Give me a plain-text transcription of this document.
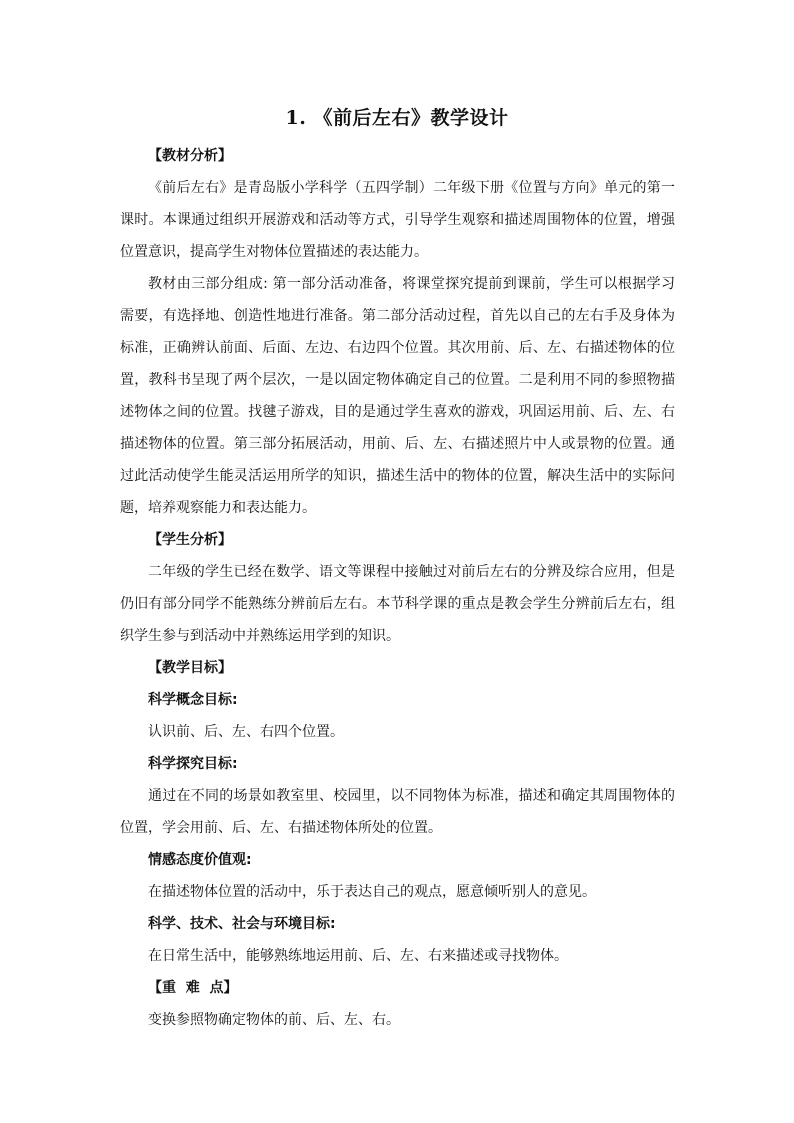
1. 《前后左右》教学设计

【教材分析】

《前后左右》是青岛版小学科学（五四学制）二年级下册《位置与方向》单元的第一课时。本课通过组织开展游戏和活动等方式，引导学生观察和描述周围物体的位置，增强位置意识，提高学生对物体位置描述的表达能力。

教材由三部分组成: 第一部分活动准备，将课堂探究提前到课前，学生可以根据学习需要，有选择地、创造性地进行准备。第二部分活动过程，首先以自己的左右手及身体为标准，正确辨认前面、后面、左边、右边四个位置。其次用前、后、左、右描述物体的位置，教科书呈现了两个层次，一是以固定物体确定自己的位置。二是利用不同的参照物描述物体之间的位置。找毽子游戏，目的是通过学生喜欢的游戏，巩固运用前、后、左、右描述物体的位置。第三部分拓展活动，用前、后、左、右描述照片中人或景物的位置。通过此活动使学生能灵活运用所学的知识，描述生活中的物体的位置，解决生活中的实际问题，培养观察能力和表达能力。

【学生分析】

二年级的学生已经在数学、语文等课程中接触过对前后左右的分辨及综合应用，但是仍旧有部分同学不能熟练分辨前后左右。本节科学课的重点是教会学生分辨前后左右，组织学生参与到活动中并熟练运用学到的知识。

【教学目标】

科学概念目标:

认识前、后、左、右四个位置。

科学探究目标:

通过在不同的场景如教室里、校园里，以不同物体为标准，描述和确定其周围物体的位置，学会用前、后、左、右描述物体所处的位置。

情感态度价值观:

在描述物体位置的活动中，乐于表达自己的观点，愿意倾听别人的意见。

科学、技术、社会与环境目标:

在日常生活中，能够熟练地运用前、后、左、右来描述或寻找物体。

【重  难  点】

变换参照物确定物体的前、后、左、右。
